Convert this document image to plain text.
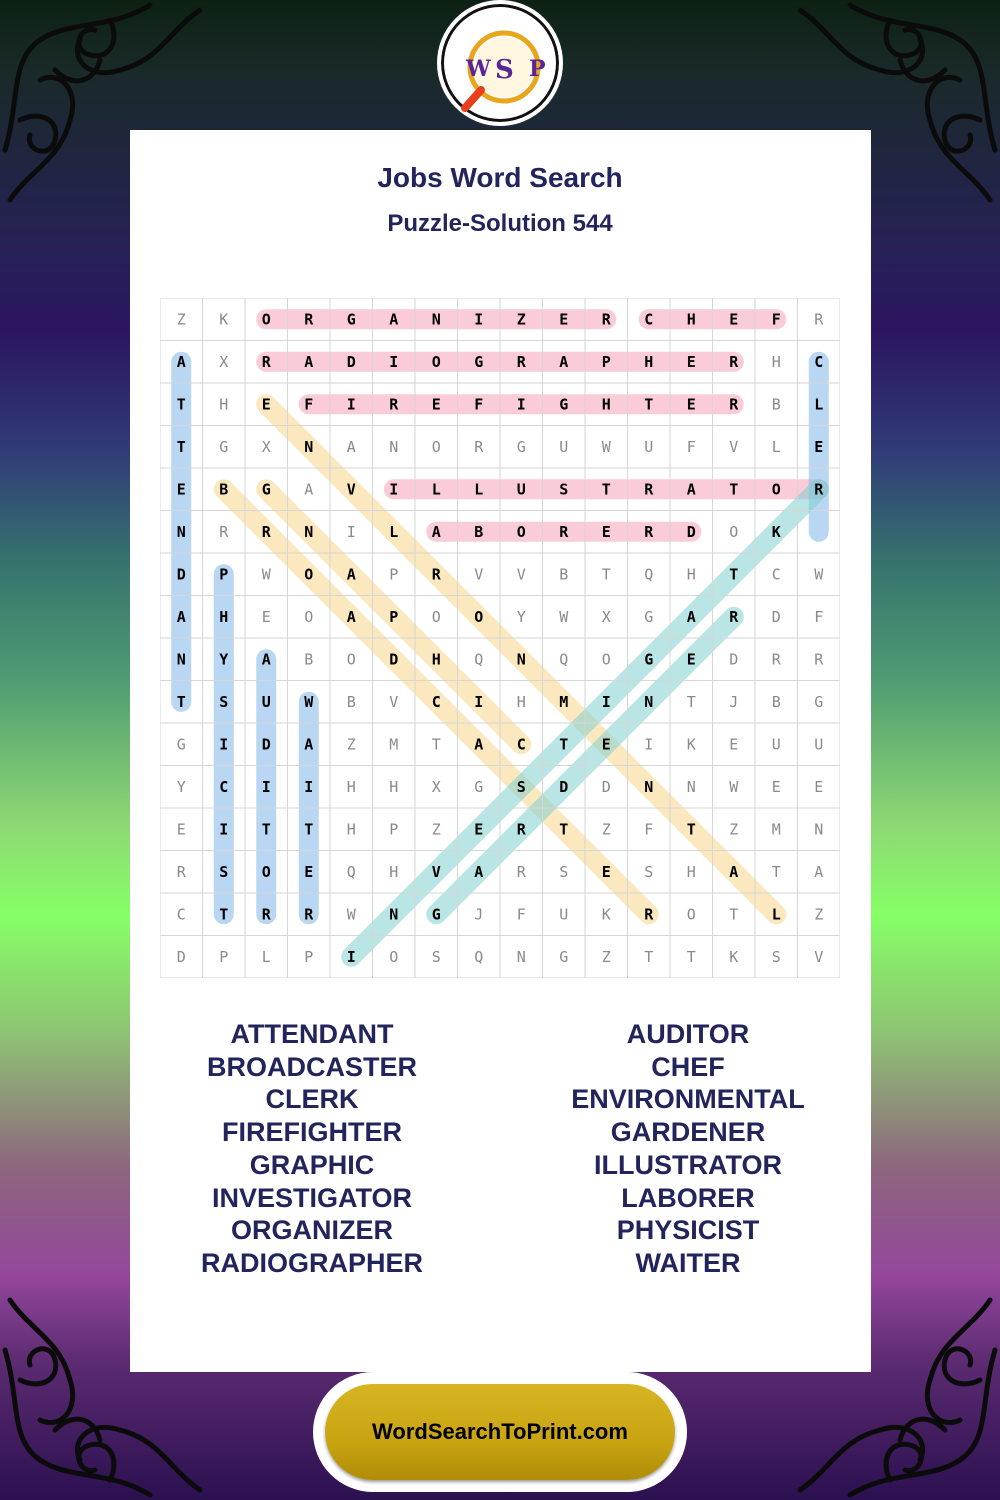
W S P
Jobs Word Search
Puzzle-Solution 544
Z K O R G A N I Z E R C H E F R
A X R A D I O G R A P H E R H C
T H E F I R E F I G H T E R B L
T G X N A N O R G U W U F V L E
E B G A V I L L U S T R A T O R
N R R N I L A B O R E R D O K
D P W O A P R V V B T Q H T C W
A H E O A P O O Y W X G A R D F
N Y A B O D H Q N Q O G E D R R
T S U W B V C I H M I N T J B G
G I D A Z M T A C T E I K E U U
Y C I I H H X G S D D N N W E E
E I T T H P Z E R T Z F T Z M N
R S O E Q H V A R S E S H A T A
C T R R W N G J F U K R O T L Z
D P L P I O S Q N G Z T T K S V
ATTENDANT
BROADCASTER
CLERK
FIREFIGHTER
GRAPHIC
INVESTIGATOR
ORGANIZER
RADIOGRAPHER
AUDITOR
CHEF
ENVIRONMENTAL
GARDENER
ILLUSTRATOR
LABORER
PHYSICIST
WAITER
WordSearchToPrint.com
